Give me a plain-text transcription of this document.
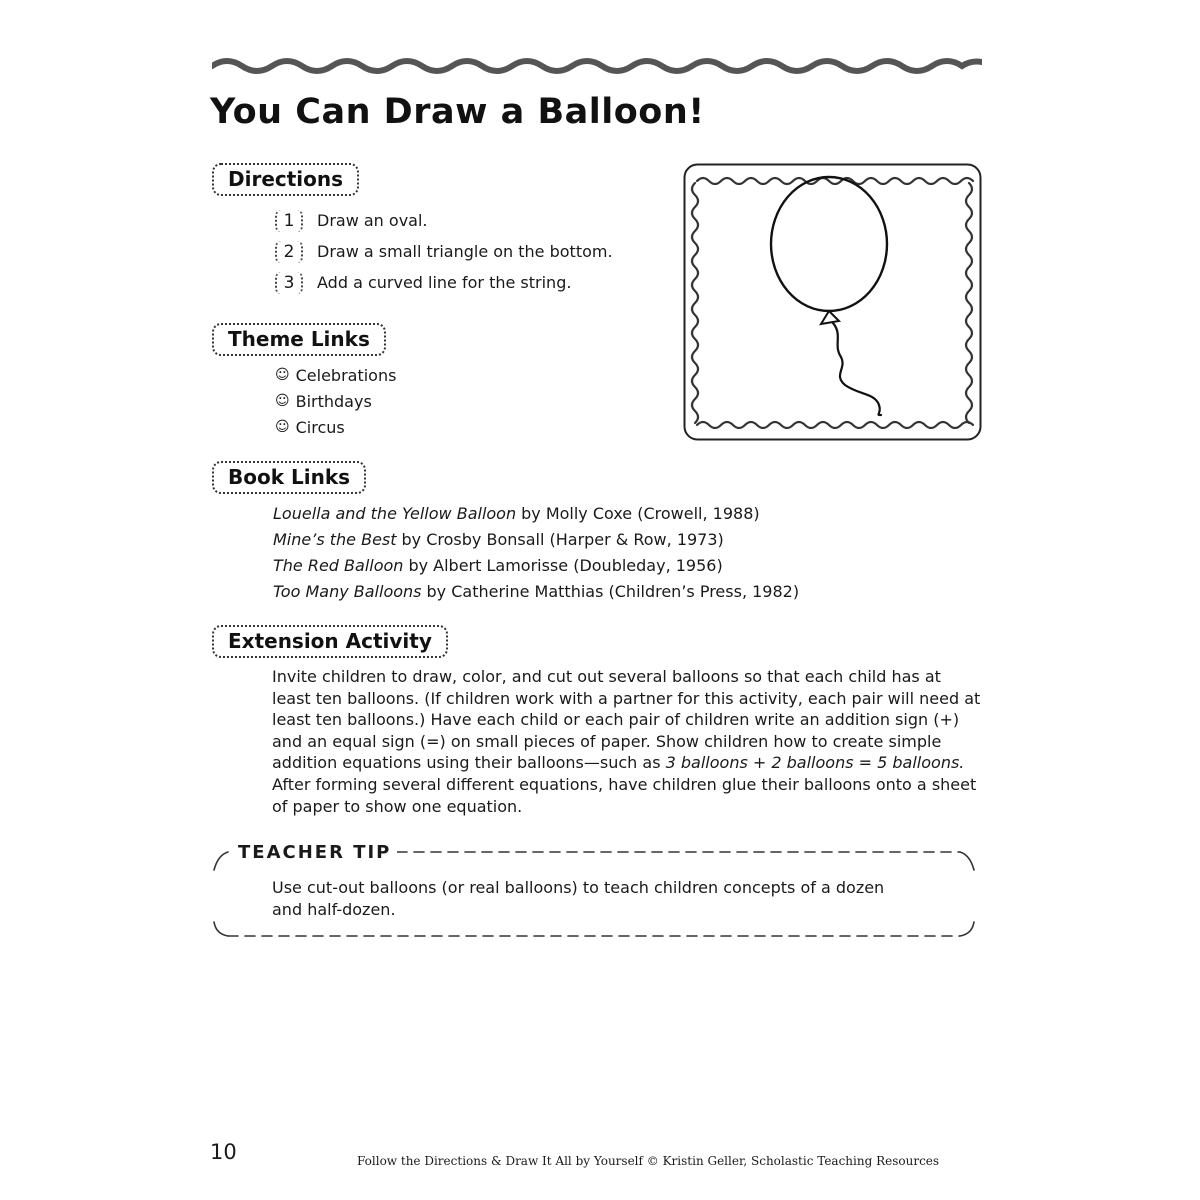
You Can Draw a Balloon!
Directions
1	Draw an oval.
2	Draw a small triangle on the bottom.
3	Add a curved line for the string.
Theme Links
☺ Celebrations
☺ Birthdays
☺ Circus
Book Links
Louella and the Yellow Balloon by Molly Coxe (Crowell, 1988)
Mine’s the Best by Crosby Bonsall (Harper & Row, 1973)
The Red Balloon by Albert Lamorisse (Doubleday, 1956)
Too Many Balloons by Catherine Matthias (Children’s Press, 1982)
Extension Activity

Invite children to draw, color, and cut out several balloons so that each child has at least ten balloons. (If children work with a partner for this activity, each pair will need at least ten balloons.) Have each child or each pair of children write an addition sign (+) and an equal sign (=) on small pieces of paper. Show children how to create simple addition equations using their balloons—such as 3 balloons + 2 balloons = 5 balloons. After forming several different equations, have children glue their balloons onto a sheet of paper to show one equation.

TEACHER TIP

Use cut-out balloons (or real balloons) to teach children concepts of a dozen and half-dozen.

10	Follow the Directions & Draw It All by Yourself © Kristin Geller, Scholastic Teaching Resources
